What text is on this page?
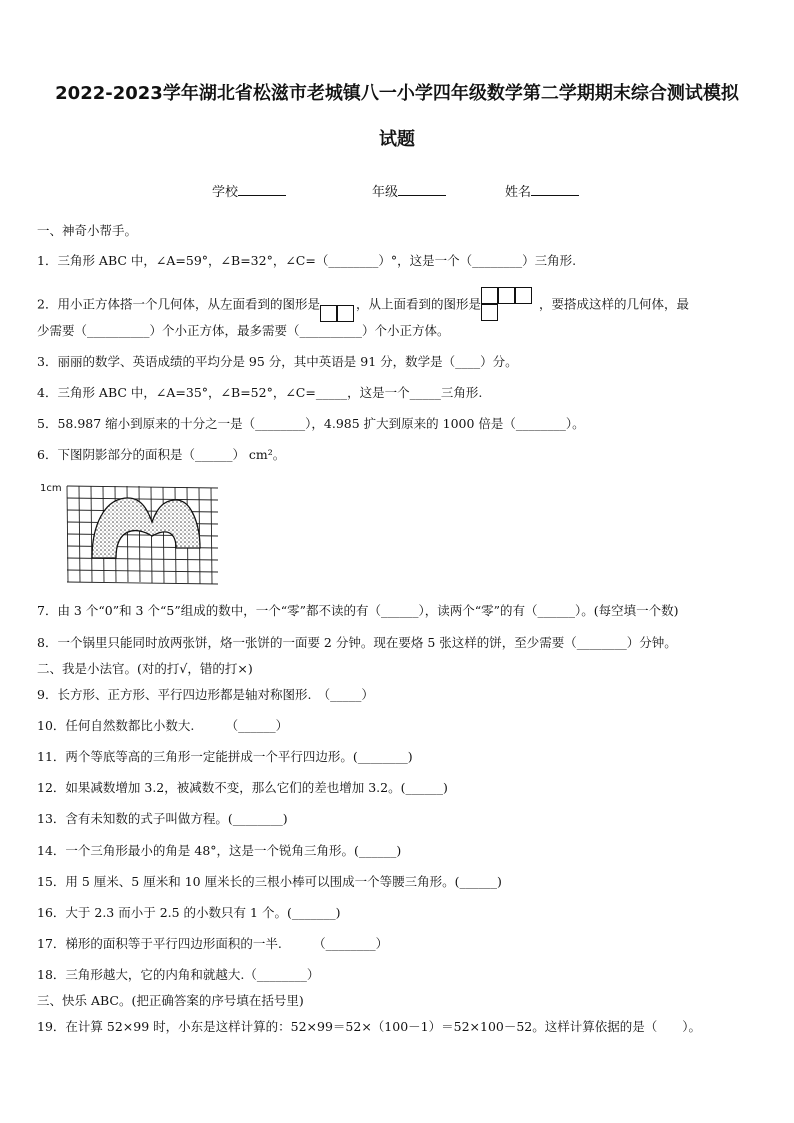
2022-2023学年湖北省松滋市老城镇八一小学四年级数学第二学期期末综合测试模拟
试题
学校	年级	姓名
一、神奇小帮手。
1．三角形 ABC 中，∠A=59°，∠B=32°，∠C=（________）°，这是一个（________）三角形.
2．用小正方体搭一个几何体，从左面看到的图形是	，从上面看到的图形是	，要搭成这样的几何体，最
少需要（__________）个小正方体，最多需要（__________）个小正方体。
3．丽丽的数学、英语成绩的平均分是 95 分，其中英语是 91 分，数学是（____）分。
4．三角形 ABC 中，∠A=35°，∠B=52°，∠C=_____，这是一个_____三角形.
5．58.987 缩小到原来的十分之一是（________），4.985 扩大到原来的 1000 倍是（________）。
6．下图阴影部分的面积是（______） cm²。
1cm
7．由 3 个“0”和 3 个“5”组成的数中，一个“零”都不读的有（______），读两个“零”的有（______）。(每空填一个数)
8．一个锅里只能同时放两张饼，烙一张饼的一面要 2 分钟。现在要烙 5 张这样的饼，至少需要（________）分钟。
二、我是小法官。(对的打√，错的打×)
9．长方形、正方形、平行四边形都是轴对称图形.　（_____）
10．任何自然数都比小数大.　　　（______）
11．两个等底等高的三角形一定能拼成一个平行四边形。(________)
12．如果减数增加 3.2，被减数不变，那么它们的差也增加 3.2。(______)
13．含有未知数的式子叫做方程。(________)
14．一个三角形最小的角是 48°，这是一个锐角三角形。(______)
15．用 5 厘米、5 厘米和 10 厘米长的三根小棒可以围成一个等腰三角形。(______)
16．大于 2.3 而小于 2.5 的小数只有 1 个。(_______)
17．梯形的面积等于平行四边形面积的一半.　　　（________）
18．三角形越大，它的内角和就越大.（________）
三、快乐 ABC。(把正确答案的序号填在括号里)
19．在计算 52×99 时，小东是这样计算的：52×99＝52×（100－1）＝52×100－52。这样计算依据的是（　　）。
